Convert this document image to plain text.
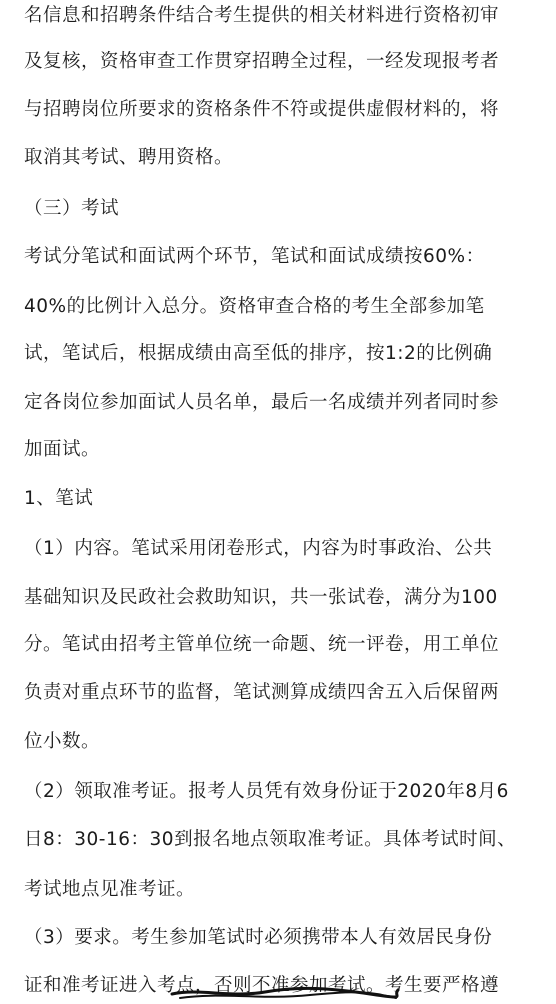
名信息和招聘条件结合考生提供的相关材料进行资格初审
及复核，资格审查工作贯穿招聘全过程，一经发现报考者
与招聘岗位所要求的资格条件不符或提供虚假材料的，将
取消其考试、聘用资格。
（三）考试
考试分笔试和面试两个环节，笔试和面试成绩按60%：
40%的比例计入总分。资格审查合格的考生全部参加笔
试，笔试后，根据成绩由高至低的排序，按1:2的比例确
定各岗位参加面试人员名单，最后一名成绩并列者同时参
加面试。
1、笔试
（1）内容。笔试采用闭卷形式，内容为时事政治、公共
基础知识及民政社会救助知识，共一张试卷，满分为100
分。笔试由招考主管单位统一命题、统一评卷，用工单位
负责对重点环节的监督，笔试测算成绩四舍五入后保留两
位小数。
（2）领取准考证。报考人员凭有效身份证于2020年8月6
日8：30-16：30到报名地点领取准考证。具体考试时间、
考试地点见准考证。
（3）要求。考生参加笔试时必须携带本人有效居民身份
证和准考证进入考点，否则不准参加考试。考生要严格遵
